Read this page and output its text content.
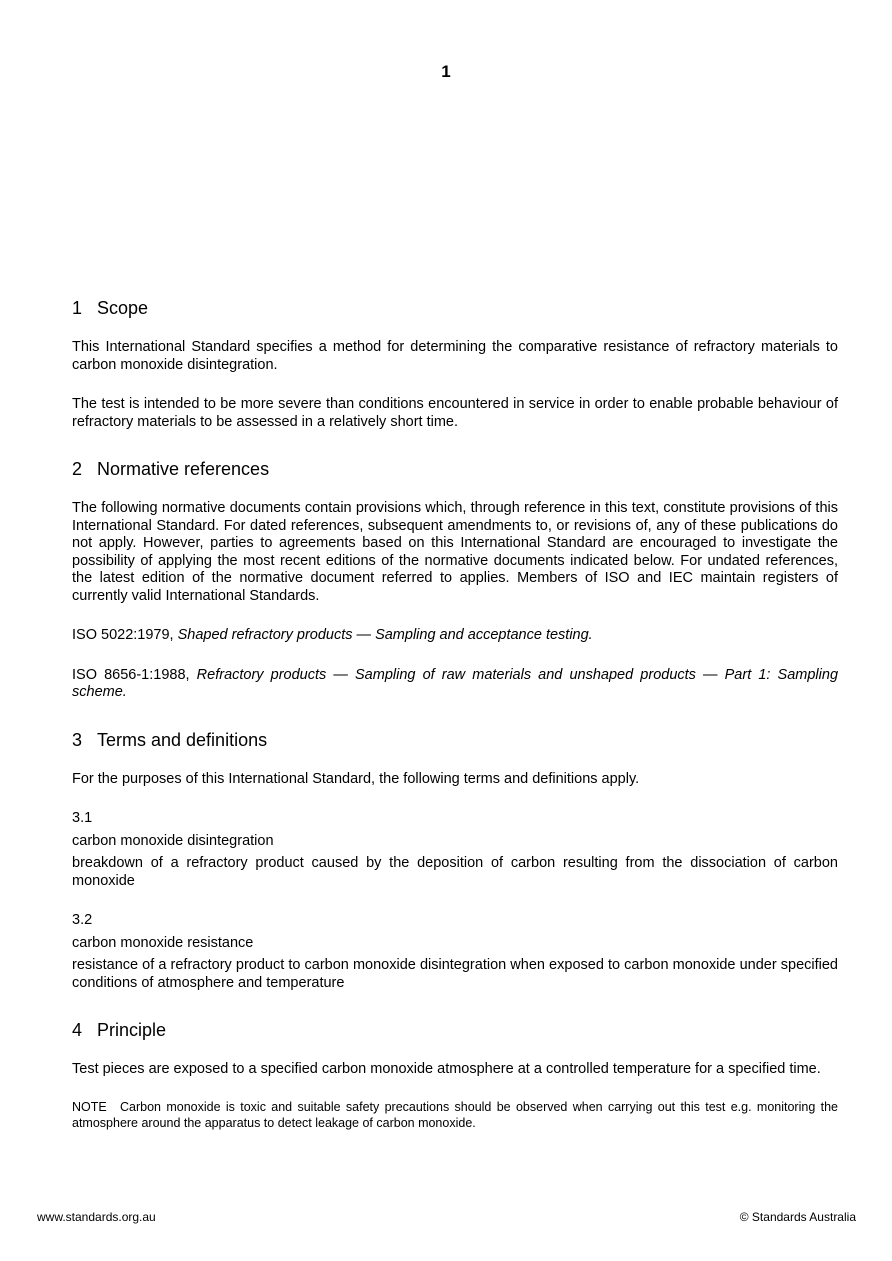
1
1 Scope

This International Standard specifies a method for determining the comparative resistance of refractory materials to carbon monoxide disintegration.

The test is intended to be more severe than conditions encountered in service in order to enable probable behaviour of refractory materials to be assessed in a relatively short time.

2 Normative references

The following normative documents contain provisions which, through reference in this text, constitute provisions of this International Standard. For dated references, subsequent amendments to, or revisions of, any of these publications do not apply. However, parties to agreements based on this International Standard are encouraged to investigate the possibility of applying the most recent editions of the normative documents indicated below. For undated references, the latest edition of the normative document referred to applies. Members of ISO and IEC maintain registers of currently valid International Standards.

ISO 5022:1979, Shaped refractory products — Sampling and acceptance testing.

ISO 8656-1:1988, Refractory products — Sampling of raw materials and unshaped products — Part 1: Sampling scheme.

3 Terms and definitions

For the purposes of this International Standard, the following terms and definitions apply.

3.1
carbon monoxide disintegration

breakdown of a refractory product caused by the deposition of carbon resulting from the dissociation of carbon monoxide

3.2
carbon monoxide resistance

resistance of a refractory product to carbon monoxide disintegration when exposed to carbon monoxide under specified conditions of atmosphere and temperature

4 Principle

Test pieces are exposed to a specified carbon monoxide atmosphere at a controlled temperature for a specified time.

NOTE Carbon monoxide is toxic and suitable safety precautions should be observed when carrying out this test e.g. monitoring the atmosphere around the apparatus to detect leakage of carbon monoxide.
www.standards.org.au	© Standards Australia
